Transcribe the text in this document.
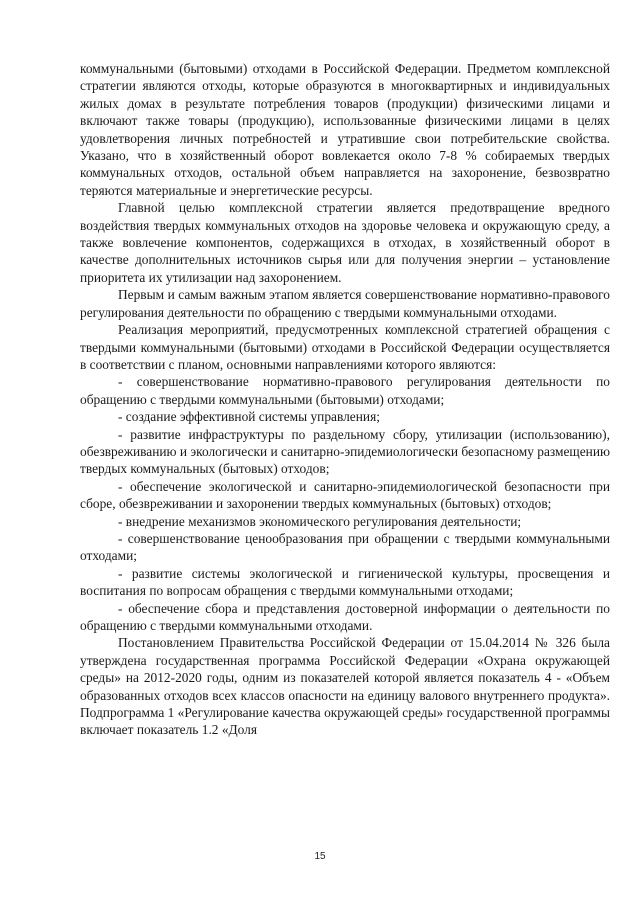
коммунальными (бытовыми) отходами в Российской Федерации. Предметом комплексной стратегии являются отходы, которые образуются в многоквартирных и индивидуальных жилых домах в результате потребления товаров (продукции) физическими лицами и включают также товары (продукцию), использованные физическими лицами в целях удовлетворения личных потребностей и утратившие свои потребительские свойства. Указано, что в хозяйственный оборот вовлекается около 7-8 % собираемых твердых коммунальных отходов, остальной объем направляется на захоронение, безвозвратно теряются материальные и энергетические ресурсы.

Главной целью комплексной стратегии является предотвращение вредного воздействия твердых коммунальных отходов на здоровье человека и окружающую среду, а также вовлечение компонентов, содержащихся в отходах, в хозяйственный оборот в качестве дополнительных источников сырья или для получения энергии – установление приоритета их утилизации над захоронением.

Первым и самым важным этапом является совершенствование нормативно-правового регулирования деятельности по обращению с твердыми коммунальными отходами.

Реализация мероприятий, предусмотренных комплексной стратегией обращения с твердыми коммунальными (бытовыми) отходами в Российской Федерации осуществляется в соответствии с планом, основными направлениями которого являются:

- совершенствование нормативно-правового регулирования деятельности по обращению с твердыми коммунальными (бытовыми) отходами;

- создание эффективной системы управления;

- развитие инфраструктуры по раздельному сбору, утилизации (использованию), обезвреживанию и экологически и санитарно-эпидемиологически безопасному размещению твердых коммунальных (бытовых) отходов;

- обеспечение экологической и санитарно-эпидемиологической безопасности при сборе, обезвреживании и захоронении твердых коммунальных (бытовых) отходов;

- внедрение механизмов экономического регулирования деятельности;

- совершенствование ценообразования при обращении с твердыми коммунальными отходами;

- развитие системы экологической и гигиенической культуры, просвещения и воспитания по вопросам обращения с твердыми коммунальными отходами;

- обеспечение сбора и представления достоверной информации о деятельности по обращению с твердыми коммунальными отходами.

Постановлением Правительства Российской Федерации от 15.04.2014 № 326 была утверждена государственная программа Российской Федерации «Охрана окружающей среды» на 2012-2020 годы, одним из показателей которой является показатель 4 - «Объем образованных отходов всех классов опасности на единицу валового внутреннего продукта». Подпрограмма 1 «Регулирование качества окружающей среды» государственной программы включает показатель 1.2 «Доля

15
